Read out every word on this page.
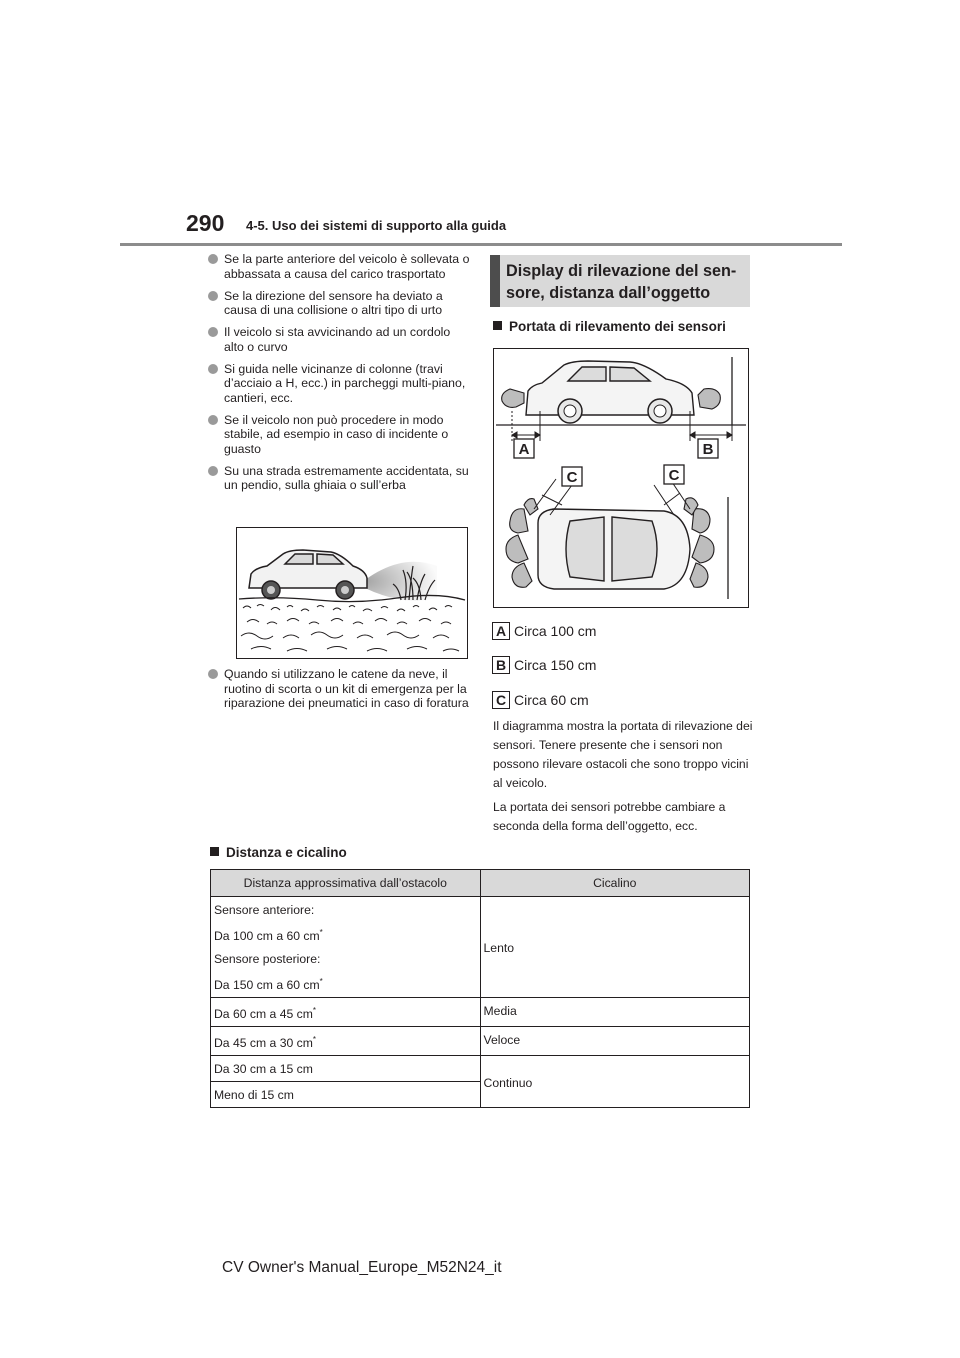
290 4-5. Uso dei sistemi di supporto alla guida
Se la parte anteriore del veicolo è sollevata o abbassata a causa del carico trasportato
Se la direzione del sensore ha deviato a causa di una collisione o altri tipo di urto
Il veicolo si sta avvicinando ad un cordolo alto o curvo
Si guida nelle vicinanze di colonne (travi d’acciaio a H, ecc.) in parcheggi multi-piano, cantieri, ecc.
Se il veicolo non può procedere in modo stabile, ad esempio in caso di incidente o guasto
Su una strada estremamente accidentata, su un pendio, sulla ghiaia o sull’erba
Quando si utilizzano le catene da neve, il ruotino di scorta o un kit di emergenza per la riparazione dei pneumatici in caso di foratura
Display di rilevazione del sen-sore, distanza dall’oggetto
Portata di rilevamento dei sensori
A	B
C	C
A Circa 100 cm
B Circa 150 cm
C Circa 60 cm
Il diagramma mostra la portata di rilevazione dei sensori. Tenere presente che i sensori non possono rilevare ostacoli che sono troppo vicini al veicolo.
La portata dei sensori potrebbe cambiare a seconda della forma dell’oggetto, ecc.
Distanza e cicalino
Distanza approssimativa dall’ostacolo	Cicalino

Sensore anteriore:

Da 100 cm a 60 cm*

Sensore posteriore:

Da 150 cm a 60 cm*	Lento
Da 60 cm a 45 cm*	Media
Da 45 cm a 30 cm*	Veloce
Da 30 cm a 15 cm	Continuo
Meno di 15 cm	
CV Owner's Manual_Europe_M52N24_it
